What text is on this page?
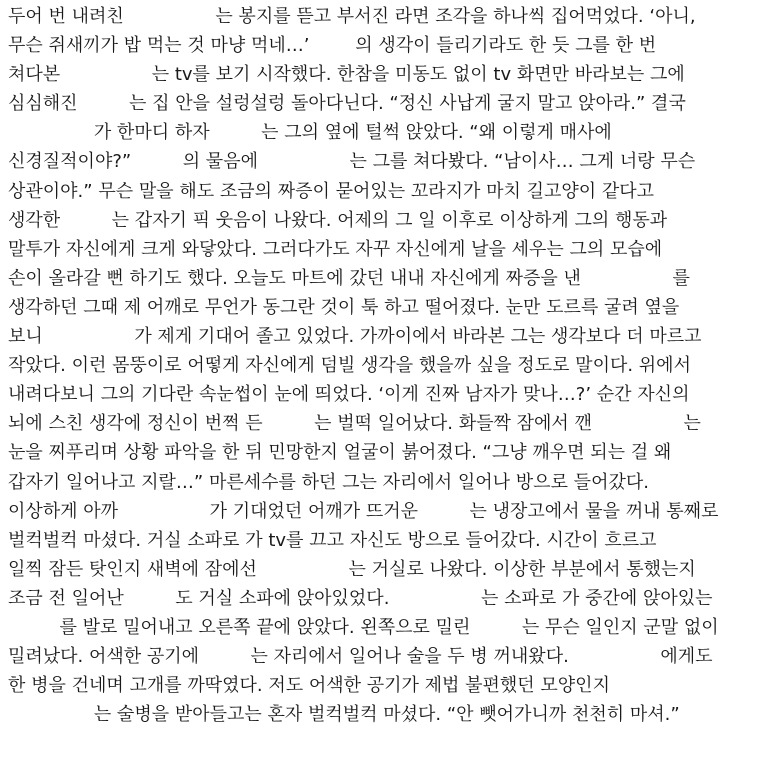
두어 번 내려친                는 봉지를 뜯고 부서진 라면 조각을 하나씩 집어먹었다. ‘아니,
무슨 쥐새끼가 밥 먹는 것 마냥 먹네…’        의 생각이 들리기라도 한 듯 그를 한 번
쳐다본                는 tv를 보기 시작했다. 한참을 미동도 없이 tv 화면만 바라보는 그에
심심해진         는 집 안을 설렁설렁 돌아다닌다. “정신 사납게 굴지 말고 앉아라.” 결국
가 한마디 하자         는 그의 옆에 털썩 앉았다. “왜 이렇게 매사에
신경질적이야?”         의 물음에                는 그를 쳐다봤다. “남이사… 그게 너랑 무슨
상관이야.” 무슨 말을 해도 조금의 짜증이 묻어있는 꼬라지가 마치 길고양이 같다고
생각한         는 갑자기 픽 웃음이 나왔다. 어제의 그 일 이후로 이상하게 그의 행동과
말투가 자신에게 크게 와닿았다. 그러다가도 자꾸 자신에게 날을 세우는 그의 모습에
손이 올라갈 뻔 하기도 했다. 오늘도 마트에 갔던 내내 자신에게 짜증을 낸                를
생각하던 그때 제 어깨로 무언가 동그란 것이 툭 하고 떨어졌다. 눈만 도르륵 굴려 옆을
보니                가 제게 기대어 졸고 있었다. 가까이에서 바라본 그는 생각보다 더 마르고
작았다. 이런 몸뚱이로 어떻게 자신에게 덤빌 생각을 했을까 싶을 정도로 말이다. 위에서
내려다보니 그의 기다란 속눈썹이 눈에 띄었다. ‘이게 진짜 남자가 맞나…?’ 순간 자신의
뇌에 스친 생각에 정신이 번쩍 든         는 벌떡 일어났다. 화들짝 잠에서 깬                는
눈을 찌푸리며 상황 파악을 한 뒤 민망한지 얼굴이 붉어졌다. “그냥 깨우면 되는 걸 왜
갑자기 일어나고 지랄…” 마른세수를 하던 그는 자리에서 일어나 방으로 들어갔다.
이상하게 아까                가 기대었던 어깨가 뜨거운         는 냉장고에서 물을 꺼내 통째로
벌컥벌컥 마셨다. 거실 소파로 가 tv를 끄고 자신도 방으로 들어갔다. 시간이 흐르고
일찍 잠든 탓인지 새벽에 잠에선                는 거실로 나왔다. 이상한 부분에서 통했는지
조금 전 일어난         도 거실 소파에 앉아있었다.                는 소파로 가 중간에 앉아있는
를 발로 밀어내고 오른쪽 끝에 앉았다. 왼쪽으로 밀린         는 무슨 일인지 군말 없이
밀려났다. 어색한 공기에         는 자리에서 일어나 술을 두 병 꺼내왔다.                에게도
한 병을 건네며 고개를 까딱였다. 저도 어색한 공기가 제법 불편했던 모양인지
는 술병을 받아들고는 혼자 벌컥벌컥 마셨다. “안 뺏어가니까 천천히 마셔.”
